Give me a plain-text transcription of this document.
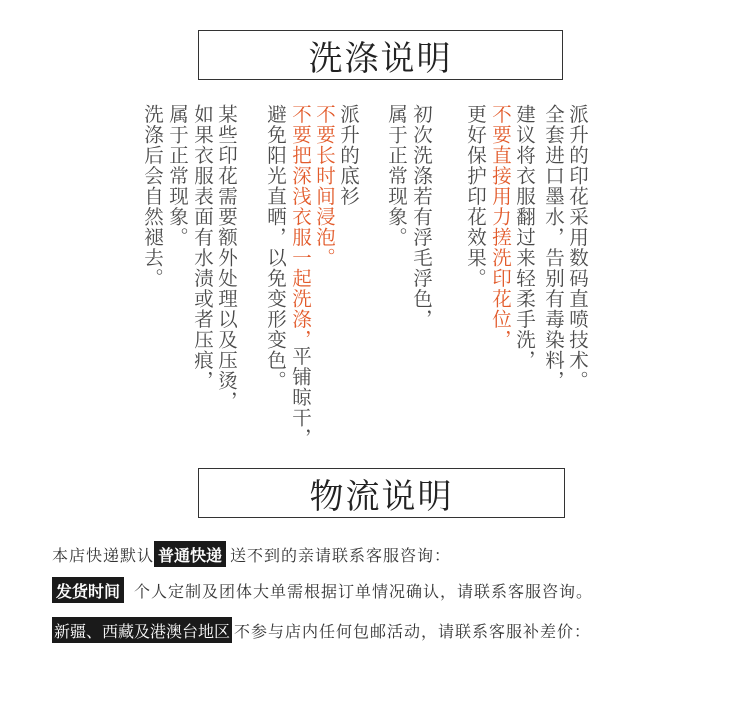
洗涤说明
派升的印花采用数码直喷技术。
全套进口墨水，告别有毒染料，
建议将衣服翻过来轻柔手洗，
不要直接用力搓洗印花位，
更好保护印花效果。
初次洗涤若有浮毛浮色，
属于正常现象。
派升的底衫
不要长时间浸泡。
不要把深浅衣服一起洗涤，
平铺晾干，
避免阳光直晒，以免变形变色。
某些印花需要额外处理以及压烫，
如果衣服表面有水渍或者压痕，
属于正常现象。
洗涤后会自然褪去。
物流说明
本店快递默认 普通快递 送不到的亲请联系客服咨询：
发货时间 个人定制及团体大单需根据订单情况确认，请联系客服咨询。
新疆、西藏及港澳台地区 不参与店内任何包邮活动，请联系客服补差价：
